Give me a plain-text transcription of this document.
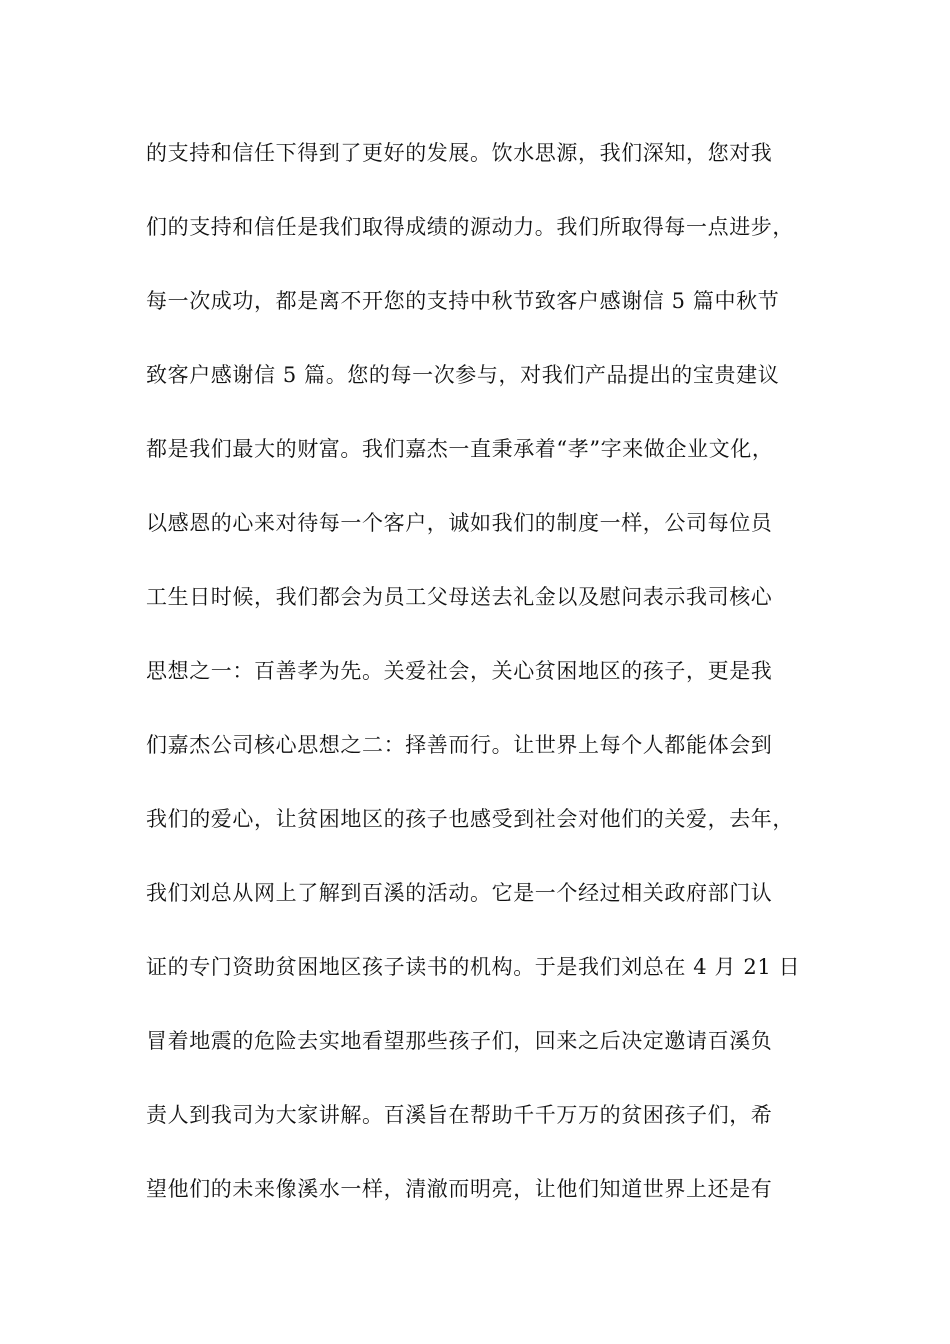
的支持和信任下得到了更好的发展。饮水思源，我们深知，您对我
们的支持和信任是我们取得成绩的源动力。我们所取得每一点进步，
每一次成功，都是离不开您的支持中秋节致客户感谢信 5 篇中秋节
致客户感谢信 5 篇。您的每一次参与，对我们产品提出的宝贵建议
都是我们最大的财富。我们嘉杰一直秉承着“孝”字来做企业文化，
以感恩的心来对待每一个客户，诚如我们的制度一样，公司每位员
工生日时候，我们都会为员工父母送去礼金以及慰问表示我司核心
思想之一：百善孝为先。关爱社会，关心贫困地区的孩子，更是我
们嘉杰公司核心思想之二：择善而行。让世界上每个人都能体会到
我们的爱心，让贫困地区的孩子也感受到社会对他们的关爱，去年，
我们刘总从网上了解到百溪的活动。它是一个经过相关政府部门认
证的专门资助贫困地区孩子读书的机构。于是我们刘总在 4 月 21 日
冒着地震的危险去实地看望那些孩子们，回来之后决定邀请百溪负
责人到我司为大家讲解。百溪旨在帮助千千万万的贫困孩子们，希
望他们的未来像溪水一样，清澈而明亮，让他们知道世界上还是有
